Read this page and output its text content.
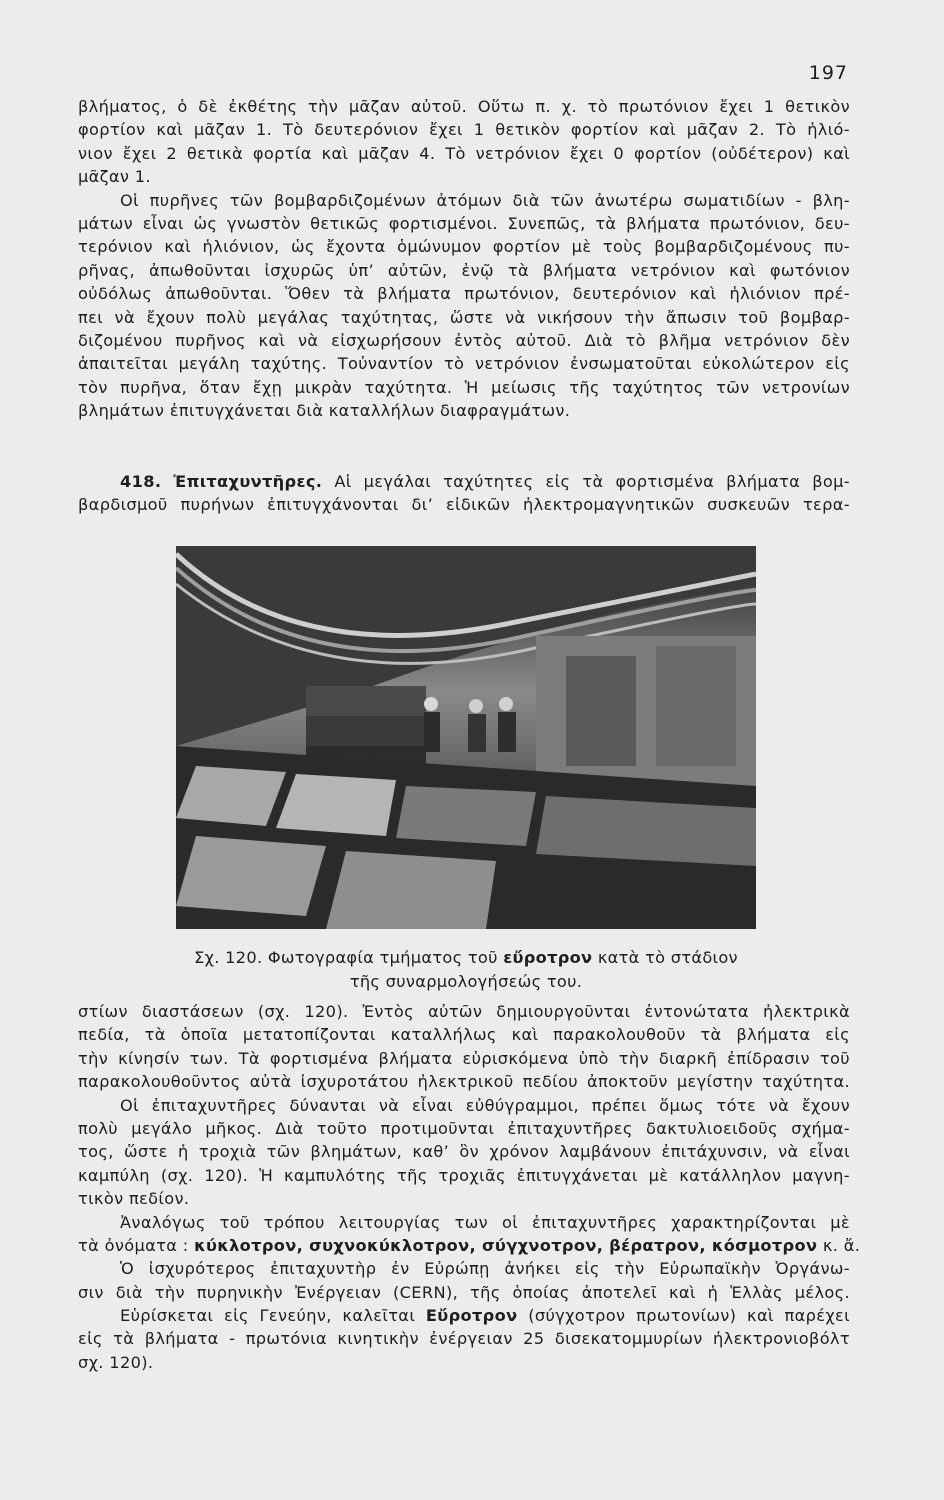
197
βλήματος, ὁ δὲ ἐκθέτης τὴν μᾶζαν αὐτοῦ. Οὕτω π. χ. τὸ πρωτόνιον ἔχει 1 θετικὸν
φορτίον καὶ μᾶζαν 1. Τὸ δευτερόνιον ἔχει 1 θετικὸν φορτίον καὶ μᾶζαν 2. Τὸ ἡλιό-
νιον ἔχει 2 θετικὰ φορτία καὶ μᾶζαν 4. Τὸ νετρόνιον ἔχει 0 φορτίον (οὐδέτερον) καὶ
μᾶζαν 1.
Οἱ πυρῆνες τῶν βομβαρδιζομένων ἀτόμων διὰ τῶν ἀνωτέρω σωματιδίων - βλη-
μάτων εἶναι ὡς γνωστὸν θετικῶς φορτισμένοι. Συνεπῶς, τὰ βλήματα πρωτόνιον, δευ-
τερόνιον καὶ ἡλιόνιον, ὡς ἔχοντα ὁμώνυμον φορτίον μὲ τοὺς βομβαρδιζομένους πυ-
ρῆνας, ἀπωθοῦνται ἰσχυρῶς ὑπ’ αὐτῶν, ἐνῷ τὰ βλήματα νετρόνιον καὶ φωτόνιον
οὐδόλως ἀπωθοῦνται. Ὅθεν τὰ βλήματα πρωτόνιον, δευτερόνιον καὶ ἡλιόνιον πρέ-
πει νὰ ἔχουν πολὺ μεγάλας ταχύτητας, ὥστε νὰ νικήσουν τὴν ἄπωσιν τοῦ βομβαρ-
διζομένου πυρῆνος καὶ νὰ εἰσχωρήσουν ἐντὸς αὐτοῦ. Διὰ τὸ βλῆμα νετρόνιον δὲν
ἀπαιτεῖται μεγάλη ταχύτης. Τοὐναντίον τὸ νετρόνιον ἐνσωματοῦται εὐκολώτερον εἰς
τὸν πυρῆνα, ὅταν ἔχῃ μικρὰν ταχύτητα. Ἡ μείωσις τῆς ταχύτητος τῶν νετρονίων
βλημάτων ἐπιτυγχάνεται διὰ καταλλήλων διαφραγμάτων.
418. Ἐπιταχυντῆρες. Αἱ μεγάλαι ταχύτητες εἰς τὰ φορτισμένα βλήματα βομ-
βαρδισμοῦ πυρήνων ἐπιτυγχάνονται δι’ εἰδικῶν ἠλεκτρομαγνητικῶν συσκευῶν τερα-
Σχ. 120. Φωτογραφία τμήματος τοῦ εὔροτρον κατὰ τὸ στάδιον
τῆς συναρμολογήσεώς του.
στίων διαστάσεων (σχ. 120). Ἐντὸς αὐτῶν δημιουργοῦνται ἐντονώτατα ἠλεκτρικὰ
πεδία, τὰ ὁποῖα μετατοπίζονται καταλλήλως καὶ παρακολουθοῦν τὰ βλήματα εἰς
τὴν κίνησίν των. Τὰ φορτισμένα βλήματα εὑρισκόμενα ὑπὸ τὴν διαρκῆ ἐπίδρασιν τοῦ
παρακολουθοῦντος αὐτὰ ἰσχυροτάτου ἠλεκτρικοῦ πεδίου ἀποκτοῦν μεγίστην ταχύτητα.
Οἱ ἐπιταχυντῆρες δύνανται νὰ εἶναι εὐθύγραμμοι, πρέπει ὅμως τότε νὰ ἔχουν
πολὺ μεγάλο μῆκος. Διὰ τοῦτο προτιμοῦνται ἐπιταχυντῆρες δακτυλιοειδοῦς σχήμα-
τος, ὥστε ἡ τροχιὰ τῶν βλημάτων, καθ’ ὃν χρόνον λαμβάνουν ἐπιτάχυνσιν, νὰ εἶναι
καμπύλη (σχ. 120). Ἡ καμπυλότης τῆς τροχιᾶς ἐπιτυγχάνεται μὲ κατάλληλον μαγνη-
τικὸν πεδίον.
Ἀναλόγως τοῦ τρόπου λειτουργίας των οἱ ἐπιταχυντῆρες χαρακτηρίζονται μὲ
τὰ ὀνόματα : κύκλοτρον, συχνοκύκλοτρον, σύγχνοτρον, βέρατρον, κόσμοτρον κ. ἄ.
Ὁ ἰσχυρότερος ἐπιταχυντὴρ ἐν Εὐρώπῃ ἀνήκει εἰς τὴν Εὐρωπαϊκὴν Ὀργάνω-
σιν διὰ τὴν πυρηνικὴν Ἐνέργειαν (CERN), τῆς ὁποίας ἀποτελεῖ καὶ ἡ Ἑλλὰς μέλος.
Εὑρίσκεται εἰς Γενεύην, καλεῖται Εὔροτρον (σύγχοτρον πρωτονίων) καὶ παρέχει
εἰς τὰ βλήματα - πρωτόνια κινητικὴν ἐνέργειαν 25 δισεκατομμυρίων ἠλεκτρονιοβόλτ
σχ. 120).
